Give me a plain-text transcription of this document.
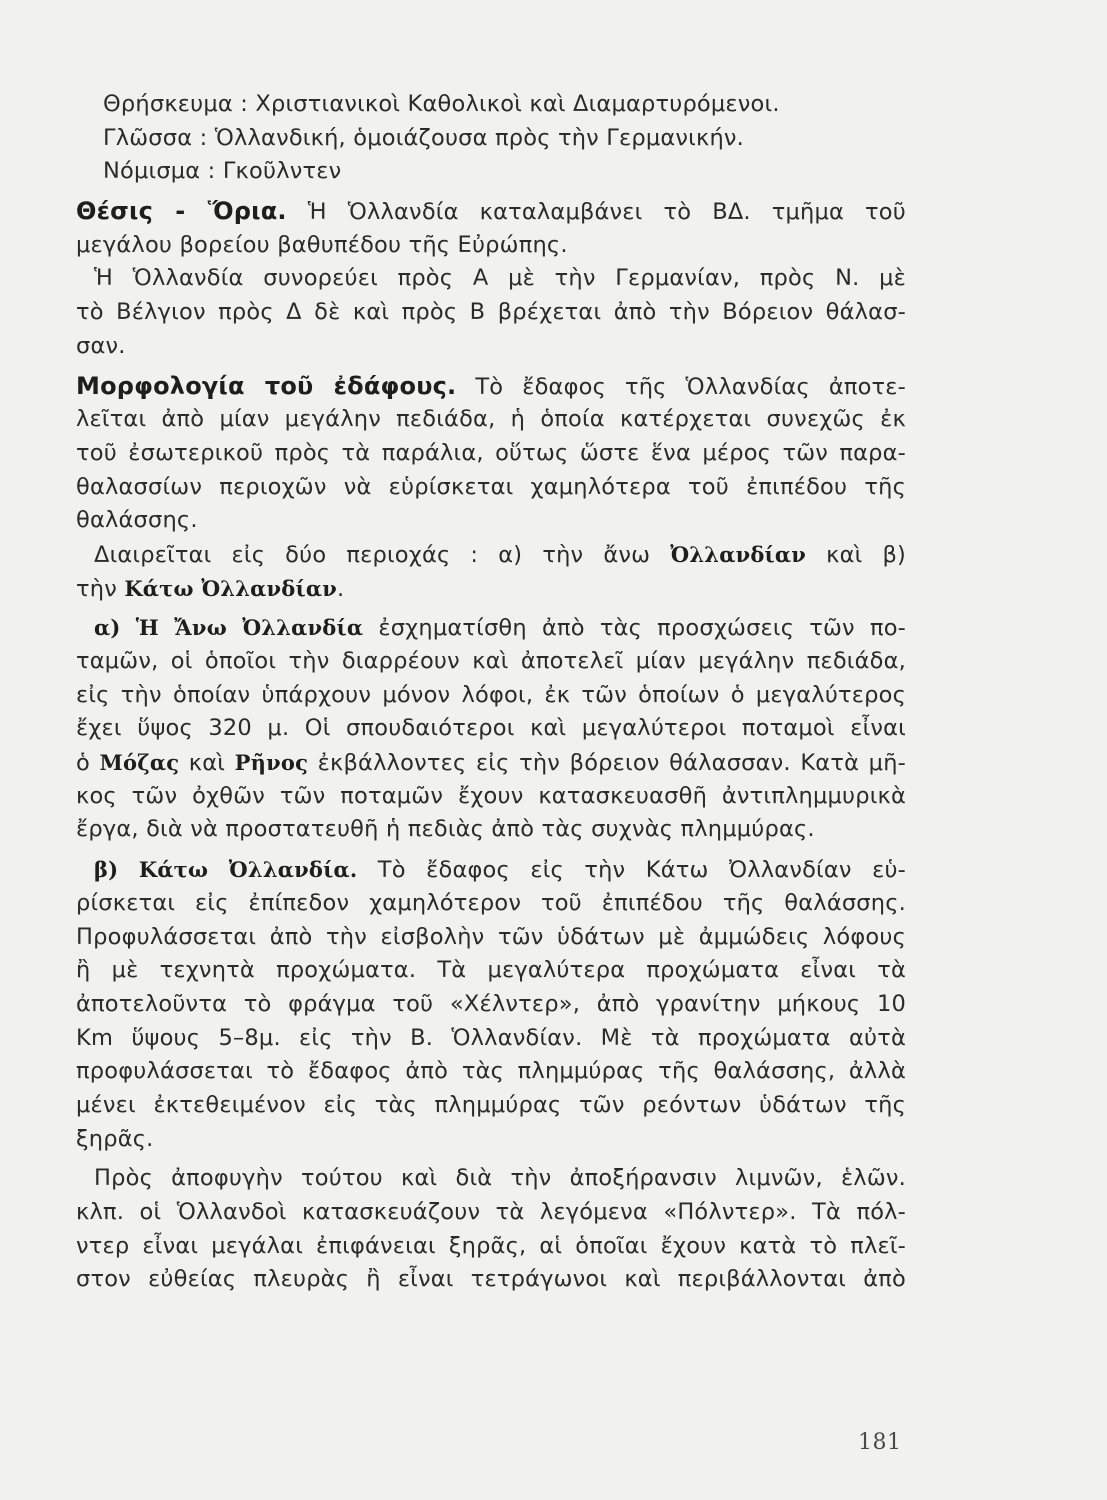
Θρήσκευμα : Χριστιανικοὶ Καθολικοὶ καὶ Διαμαρτυρόμενοι.
Γλῶσσα : Ὁλλανδική, ὁμοιάζουσα πρὸς τὴν Γερμανικήν.
Νόμισμα : Γκοῦλντεν
Θέσις - Ὅρια. Ἡ Ὁλλανδία καταλαμβάνει τὸ ΒΔ. τμῆμα τοῦ
μεγάλου βορείου βαθυπέδου τῆς Εὐρώπης.
Ἡ Ὁλλανδία συνορεύει πρὸς Α μὲ τὴν Γερμανίαν, πρὸς Ν. μὲ
τὸ Βέλγιον πρὸς Δ δὲ καὶ πρὸς Β βρέχεται ἀπὸ τὴν Βόρειον θάλασ-
σαν.
Μορφολογία τοῦ ἐδάφους. Τὸ ἔδαφος τῆς Ὁλλανδίας ἀποτε-
λεῖται ἀπὸ μίαν μεγάλην πεδιάδα, ἡ ὁποία κατέρχεται συνεχῶς ἐκ
τοῦ ἐσωτερικοῦ πρὸς τὰ παράλια, οὕτως ὥστε ἕνα μέρος τῶν παρα-
θαλασσίων περιοχῶν νὰ εὑρίσκεται χαμηλότερα τοῦ ἐπιπέδου τῆς
θαλάσσης.
Διαιρεῖται εἰς δύο περιοχάς : α) τὴν ἄνω Ὀλλανδίαν καὶ β)
τὴν Κάτω Ὀλλανδίαν.
α) Ἡ Ἄνω Ὀλλανδία ἐσχηματίσθη ἀπὸ τὰς προσχώσεις τῶν πο-
ταμῶν, οἱ ὁποῖοι τὴν διαρρέουν καὶ ἀποτελεῖ μίαν μεγάλην πεδιάδα,
εἰς τὴν ὁποίαν ὑπάρχουν μόνον λόφοι, ἐκ τῶν ὁποίων ὁ μεγαλύτερος
ἔχει ὕψος 320 μ. Οἱ σπουδαιότεροι καὶ μεγαλύτεροι ποταμοὶ εἶναι
ὁ Μόζας καὶ Ρῆνος ἐκβάλλοντες εἰς τὴν βόρειον θάλασσαν. Κατὰ μῆ-
κος τῶν ὀχθῶν τῶν ποταμῶν ἔχουν κατασκευασθῆ ἀντιπλημμυρικὰ
ἔργα, διὰ νὰ προστατευθῆ ἡ πεδιὰς ἀπὸ τὰς συχνὰς πλημμύρας.
β) Κάτω Ὀλλανδία. Τὸ ἔδαφος εἰς τὴν Κάτω Ὀλλανδίαν εὑ-
ρίσκεται εἰς ἐπίπεδον χαμηλότερον τοῦ ἐπιπέδου τῆς θαλάσσης.
Προφυλάσσεται ἀπὸ τὴν εἰσβολὴν τῶν ὑδάτων μὲ ἀμμώδεις λόφους
ἢ μὲ τεχνητὰ προχώματα. Τὰ μεγαλύτερα προχώματα εἶναι τὰ
ἀποτελοῦντα τὸ φράγμα τοῦ «Χέλντερ», ἀπὸ γρανίτην μήκους 10
Km ὕψους 5–8μ. εἰς τὴν Β. Ὁλλανδίαν. Μὲ τὰ προχώματα αὐτὰ
προφυλάσσεται τὸ ἔδαφος ἀπὸ τὰς πλημμύρας τῆς θαλάσσης, ἀλλὰ
μένει ἐκτεθειμένον εἰς τὰς πλημμύρας τῶν ρεόντων ὑδάτων τῆς
ξηρᾶς.
Πρὸς ἀποφυγὴν τούτου καὶ διὰ τὴν ἀποξήρανσιν λιμνῶν, ἑλῶν.
κλπ. οἱ Ὁλλανδοὶ κατασκευάζουν τὰ λεγόμενα «Πόλντερ». Τὰ πόλ-
ντερ εἶναι μεγάλαι ἐπιφάνειαι ξηρᾶς, αἱ ὁποῖαι ἔχουν κατὰ τὸ πλεῖ-
στον εὐθείας πλευρὰς ἢ εἶναι τετράγωνοι καὶ περιβάλλονται ἀπὸ
181
